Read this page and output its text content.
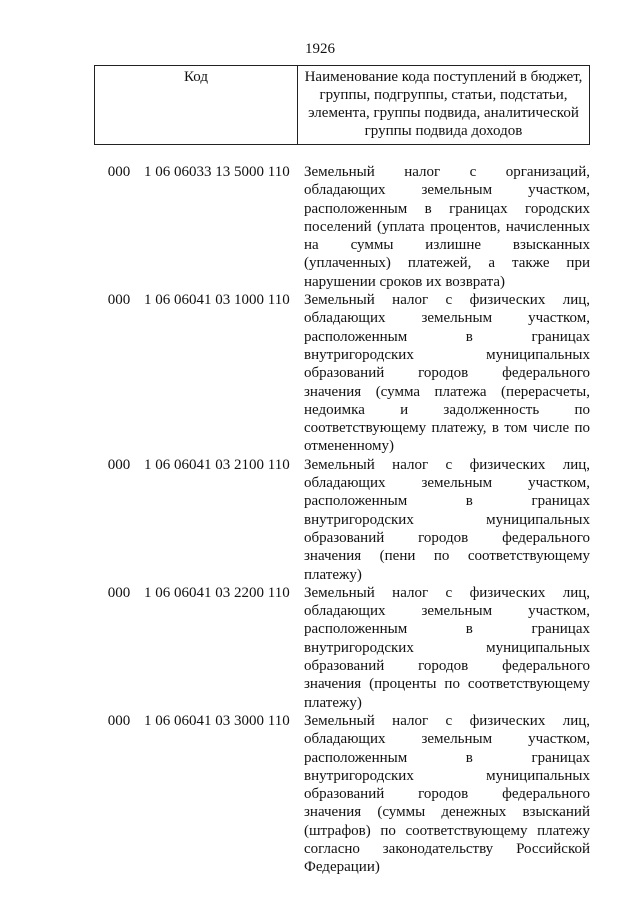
1926
Код	Наименование кода поступлений в бюджет, группы, подгруппы, статьи, подстатьи, элемента, группы подвида, аналитической группы подвида доходов
000 1 06 06033 13 5000 110 Земельный налог с организаций, обладающих земельным участком, расположенным в границах городских поселений (уплата процентов, начисленных на суммы излишне взысканных (уплаченных) платежей, а также при нарушении сроков их возврата)
000 1 06 06041 03 1000 110 Земельный налог с физических лиц, обладающих земельным участком, расположенным в границах внутригородских муниципальных образований городов федерального значения (сумма платежа (перерасчеты, недоимка и задолженность по соответствующему платежу, в том числе по отмененному)
000 1 06 06041 03 2100 110 Земельный налог с физических лиц, обладающих земельным участком, расположенным в границах внутригородских муниципальных образований городов федерального значения (пени по соответствующему платежу)
000 1 06 06041 03 2200 110 Земельный налог с физических лиц, обладающих земельным участком, расположенным в границах внутригородских муниципальных образований городов федерального значения (проценты по соответствующему платежу)
000 1 06 06041 03 3000 110 Земельный налог с физических лиц, обладающих земельным участком, расположенным в границах внутригородских муниципальных образований городов федерального значения (суммы денежных взысканий (штрафов) по соответствующему платежу согласно законодательству Российской Федерации)
